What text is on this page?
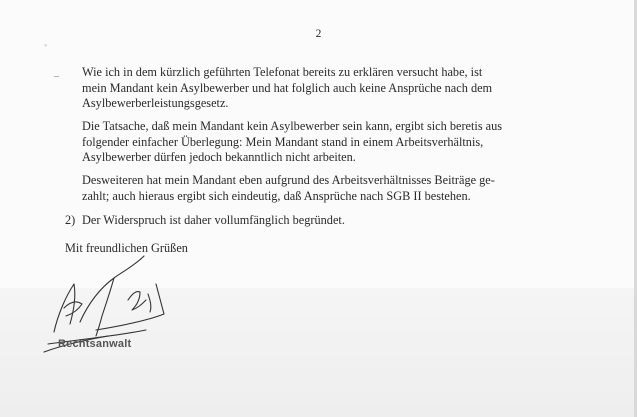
2
◦
– Wie ich in dem kürzlich geführten Telefonat bereits zu erklären versucht habe, ist
mein Mandant kein Asylbewerber und hat folglich auch keine Ansprüche nach dem
Asylbewerberleistungsgesetz.

Die Tatsache, daß mein Mandant kein Asylbewerber sein kann, ergibt sich beretis aus
folgender einfacher Überlegung: Mein Mandant stand in einem Arbeitsverhältnis,
Asylbewerber dürfen jedoch bekanntlich nicht arbeiten.

Desweiteren hat mein Mandant eben aufgrund des Arbeitsverhältnisses Beiträge ge-
zahlt; auch hieraus ergibt sich eindeutig, daß Ansprüche nach SGB II bestehen.

2) Der Widerspruch ist daher vollumfänglich begründet.
Mit freundlichen Grüßen
Rechtsanwalt
